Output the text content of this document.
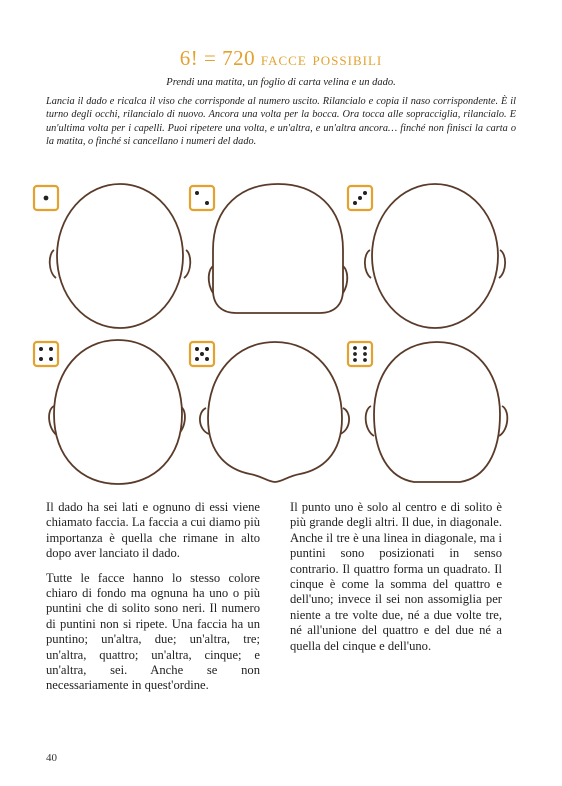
6! = 720 facce possibili
Prendi una matita, un foglio di carta velina e un dado.
Lancia il dado e ricalca il viso che corrisponde al numero uscito. Rilancialo e copia il naso corrispondente. È il turno degli occhi, rilancialo di nuovo. Ancora una volta per la bocca. Ora tocca alle sopracciglia, rilancialo. E un'ultima volta per i capelli. Puoi ripetere una volta, e un'altra, e un'altra ancora… finché non finisci la carta o la matita, o finché si cancellano i numeri del dado.

Il dado ha sei lati e ognuno di essi viene chiamato faccia. La faccia a cui diamo più importanza è quella che rimane in alto dopo aver lanciato il dado.

Tutte le facce hanno lo stesso colore chiaro di fondo ma ognuna ha uno o più puntini che di solito sono neri. Il numero di puntini non si ripete. Una faccia ha un puntino; un'altra, due; un'altra, tre; un'altra, quattro; un'altra, cinque; e un'altra, sei. Anche se non necessariamente in quest'ordine.

Il punto uno è solo al centro e di solito è più grande degli altri. Il due, in diagonale. Anche il tre è una linea in diagonale, ma i puntini sono posizionati in senso contrario. Il quattro forma un quadrato. Il cinque è come la somma del quattro e dell'uno; invece il sei non assomiglia per niente a tre volte due, né a due volte tre, né all'unione del quattro e del due né a quella del cinque e dell'uno.

40
